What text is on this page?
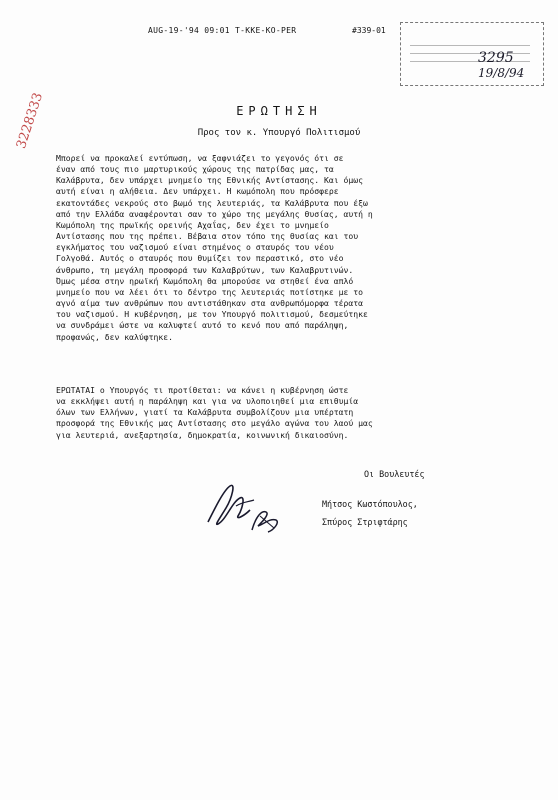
AUG-19-'94 09:01 T-KKE-KO-PER	#339-01
3295
19/8/94
3228333	ΕΡΩΤΗΣΗ
Προς τον κ. Υπουργό Πολιτισμού

Μπορεί να προκαλεί εντύπωση, να ξαφνιάζει το γεγονός ότι σε

έναν από τους πιο μαρτυρικούς χώρους της πατρίδας μας, τα

Καλάβρυτα, δεν υπάρχει μνημείο της Εθνικής Αντίστασης. Και όμως

αυτή είναι η αλήθεια. Δεν υπάρχει. Η κωμόπολη που πρόσφερε

εκατοντάδες νεκρούς στο βωμό της λευτεριάς, τα Καλάβρυτα που έξω

από την Ελλάδα αναφέρονται σαν το χώρο της μεγάλης θυσίας, αυτή η

Κωμόπολη της πρωϊκής ορεινής Αχαΐας, δεν έχει το μνημείο

Αντίστασης που της πρέπει. Βέβαια στον τόπο της θυσίας και του

εγκλήματος του ναζισμού είναι στημένος ο σταυρός του νέου

Γολγοθά. Αυτός ο σταυρός που θυμίζει τον περαστικό, στο νέο

άνθρωπο, τη μεγάλη προσφορά των Καλαβρύτων, των Καλαβρυτινών.

Όμως μέσα στην ηρωϊκή Κωμόπολη θα μπορούσε να στηθεί ένα απλό

μνημείο που να λέει ότι το δέντρο της λευτεριάς ποτίστηκε με το

αγνό αίμα των ανθρώπων που αντιστάθηκαν στα ανθρωπόμορφα τέρατα

του ναζισμού. Η κυβέρνηση, με τον Υπουργό πολιτισμού, δεσμεύτηκε

να συνδράμει ώστε να καλυφτεί αυτό το κενό που από παράληψη,

προφανώς, δεν καλύφτηκε.

ΕΡΩΤΑΤΑΙ ο Υπουργός τι προτίθεται: να κάνει η κυβέρνηση ώστε

να εκκλήψει αυτή η παράληψη και για να υλοποιηθεί μια επιθυμία

όλων των Ελλήνων, γιατί τα Καλάβρυτα συμβολίζουν μια υπέρτατη

προσφορά της Εθνικής μας Αντίστασης στο μεγάλο αγώνα του λαού μας

για λευτεριά, ανεξαρτησία, δημοκρατία, κοινωνική δικαιοσύνη.

Οι Βουλευτές
Μήτσος Κωστόπουλος,
Σπύρος Στριφτάρης
